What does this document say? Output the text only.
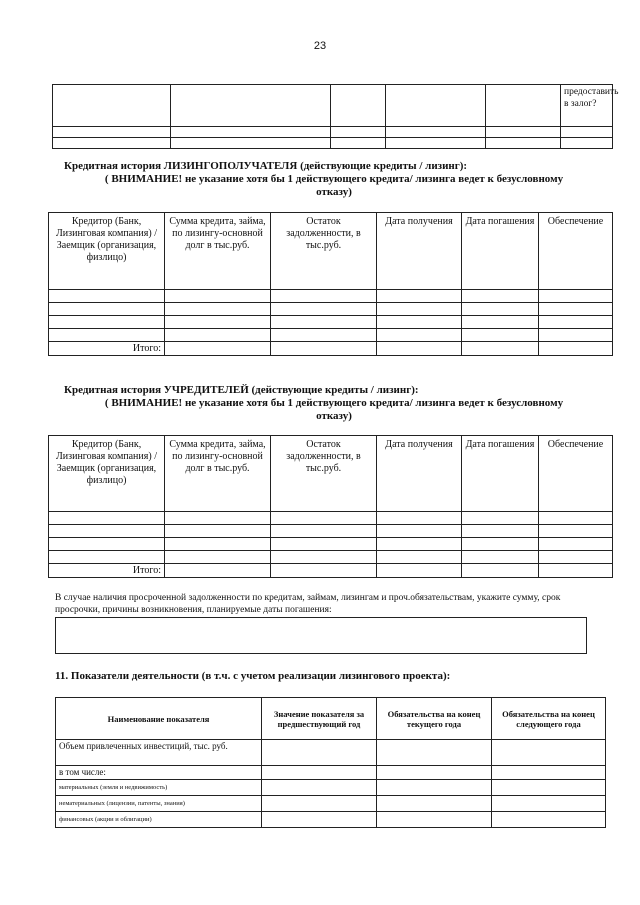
23
					предоставить в залог?

Кредитная история ЛИЗИНГОПОЛУЧАТЕЛЯ (действующие кредиты / лизинг):

( ВНИМАНИЕ! не указание хотя бы 1 действующего кредита/ лизинга ведет к безусловному
отказу)
Кредитор (Банк, Лизинговая компания) /Заемщик (организация, физлицо)	Сумма кредита, займа, по лизингу-основной долг в тыс.руб.	Остаток задолженности, в тыс.руб.	Дата получения	Дата погашения	Обеспечение

Итого:					
Кредитная история УЧРЕДИТЕЛЕЙ (действующие кредиты / лизинг):

( ВНИМАНИЕ! не указание хотя бы 1 действующего кредита/ лизинга ведет к безусловному
отказу)
Кредитор (Банк, Лизинговая компания) /Заемщик (организация, физлицо)	Сумма кредита, займа, по лизингу-основной долг в тыс.руб.	Остаток задолженности, в тыс.руб.	Дата получения	Дата погашения	Обеспечение

Итого:					
В случае наличия просроченной задолженности по кредитам, займам, лизингам и проч.обязательствам, укажите сумму, срок просрочки, причины возникновения, планируемые даты погашения:
11. Показатели деятельности (в т.ч. с учетом реализации лизингового проекта):
Наименование показателя	Значение показателя за предшествующий год	Обязательства на конец текущего года	Обязательства на конец следующего года
Объем привлеченных инвестиций, тыс. руб.			
в том числе:			
материальных (земля и недвижимость)			
нематериальных (лицензии, патенты, знания)			
финансовых (акции и облигации)			
